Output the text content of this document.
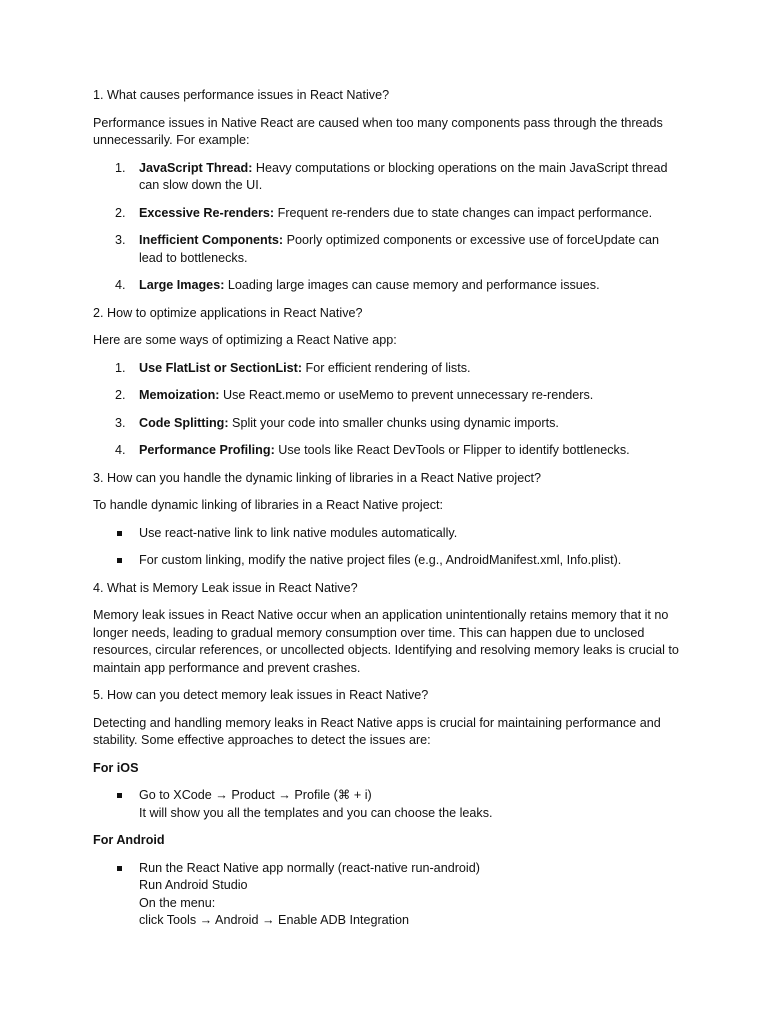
1. What causes performance issues in React Native?
Performance issues in Native React are caused when too many components pass through the threads unnecessarily. For example:
1. JavaScript Thread: Heavy computations or blocking operations on the main JavaScript thread can slow down the UI.
2. Excessive Re-renders: Frequent re-renders due to state changes can impact performance.
3. Inefficient Components: Poorly optimized components or excessive use of forceUpdate can lead to bottlenecks.
4. Large Images: Loading large images can cause memory and performance issues.
2. How to optimize applications in React Native?
Here are some ways of optimizing a React Native app:
1. Use FlatList or SectionList: For efficient rendering of lists.
2. Memoization: Use React.memo or useMemo to prevent unnecessary re-renders.
3. Code Splitting: Split your code into smaller chunks using dynamic imports.
4. Performance Profiling: Use tools like React DevTools or Flipper to identify bottlenecks.
3. How can you handle the dynamic linking of libraries in a React Native project?
To handle dynamic linking of libraries in a React Native project:
Use react-native link to link native modules automatically.
For custom linking, modify the native project files (e.g., AndroidManifest.xml, Info.plist).
4. What is Memory Leak issue in React Native?
Memory leak issues in React Native occur when an application unintentionally retains memory that it no longer needs, leading to gradual memory consumption over time. This can happen due to unclosed resources, circular references, or uncollected objects. Identifying and resolving memory leaks is crucial to maintain app performance and prevent crashes.
5. How can you detect memory leak issues in React Native?
Detecting and handling memory leaks in React Native apps is crucial for maintaining performance and stability. Some effective approaches to detect the issues are:
For iOS
Go to XCode → Product → Profile (⌘ + i)
It will show you all the templates and you can choose the leaks.
For Android
Run the React Native app normally (react-native run-android)
Run Android Studio
On the menu:
click Tools → Android → Enable ADB Integration
